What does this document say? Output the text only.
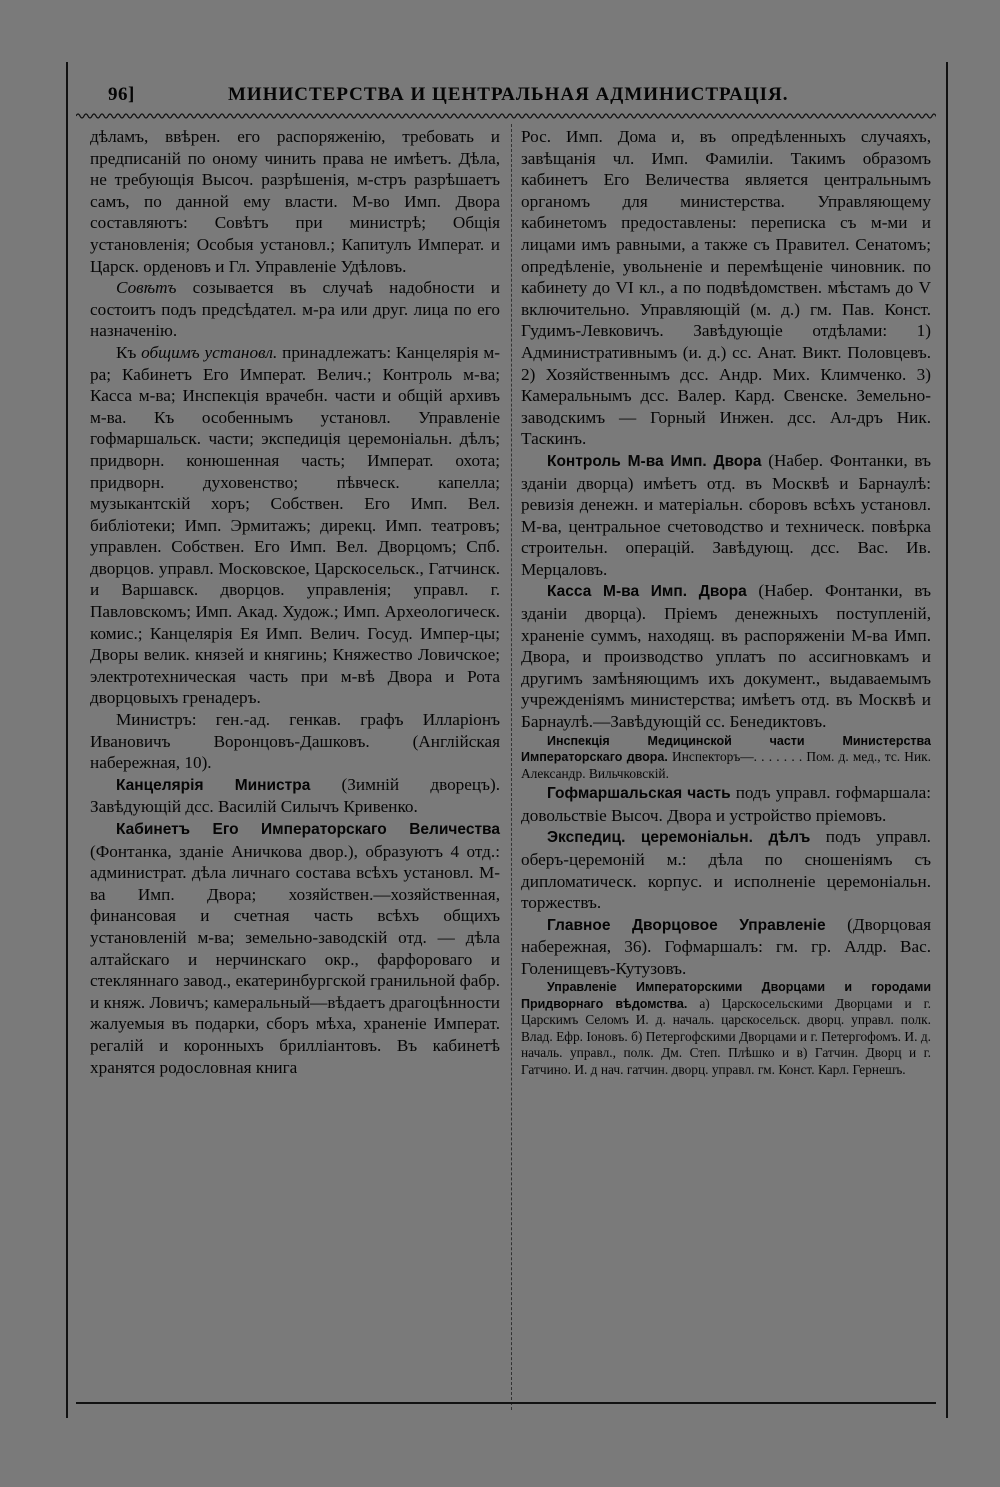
96]	МИНИСТЕРСТВА И ЦЕНТРАЛЬНАЯ АДМИНИСТРАЦІЯ.

дѣламъ, ввѣрен. его распоряженію, требовать и предписаній по оному чинить права не имѣетъ. Дѣла, не требующія Высоч. разрѣшенія, м-стръ разрѣшаетъ самъ, по данной ему власти. М-во Имп. Двора составляютъ: Совѣтъ при министрѣ; Общія установленія; Особыя установл.; Капитулъ Императ. и Царск. орденовъ и Гл. Управленіе Удѣловъ.

Совѣтъ созывается въ случаѣ надобности и состоитъ подъ предсѣдател. м-ра или друг. лица по его назначенію.

Къ общимъ установл. принадлежатъ: Канцелярія м-ра; Кабинетъ Его Императ. Велич.; Контроль м-ва; Касса м-ва; Инспекція врачебн. части и общій архивъ м-ва. Къ особеннымъ установл. Управленіе гофмаршальск. части; экспедиція церемоніальн. дѣлъ; придворн. конюшенная часть; Императ. охота; придворн. духовенство; пѣвческ. капелла; музыкантскій хоръ; Собствен. Его Имп. Вел. библіотеки; Имп. Эрмитажъ; дирекц. Имп. театровъ; управлен. Собствен. Его Имп. Вел. Дворцомъ; Спб. дворцов. управл. Московское, Царскосельск., Гатчинск. и Варшавск. дворцов. управленія; управл. г. Павловскомъ; Имп. Акад. Худож.; Имп. Археологическ. комис.; Канцелярія Ея Имп. Велич. Госуд. Импер-цы; Дворы велик. князей и княгинь; Княжество Ловичское; электротехническая часть при м-вѣ Двора и Рота дворцовыхъ гренадеръ.

Министръ: ген.-ад. генкав. графъ Илларіонъ Ивановичъ Воронцовъ-Дашковъ. (Англійская набережная, 10).

Канцелярія Министра (Зимній дворецъ). Завѣдующій дсс. Василій Силычъ Кривенко.

Кабинетъ Его Императорскаго Величества (Фонтанка, зданіе Аничкова двор.), образуютъ 4 отд.: администрат. дѣла личнаго состава всѣхъ установл. М-ва Имп. Двора; хозяйствен.—хозяйственная, финансовая и счетная часть всѣхъ общихъ установленій м-ва; земельно-заводскій отд. — дѣла алтайскаго и нерчинскаго окр., фарфороваго и стекляннаго завод., екатеринбургской гранильной фабр. и княж. Ловичъ; камеральный—вѣдаетъ драгоцѣнности жалуемыя въ подарки, сборъ мѣха, храненіе Императ. регалій и коронныхъ бриллiантовъ. Въ кабинетѣ хранятся родословная книга

Рос. Имп. Дома и, въ опредѣленныхъ случаяхъ, завѣщанія чл. Имп. Фамиліи. Такимъ образомъ кабинетъ Его Величества является центральнымъ органомъ для министерства. Управляющему кабинетомъ предоставлены: переписка съ м-ми и лицами имъ равными, а также съ Правител. Сенатомъ; опредѣленіе, увольненіе и перемѣщеніе чиновник. по кабинету до VI кл., а по подвѣдомствен. мѣстамъ до V включительно. Управляющій (м. д.) гм. Пав. Конст. Гудимъ-Левковичъ. Завѣдующіе отдѣлами: 1) Административнымъ (и. д.) сс. Анат. Викт. Половцевъ. 2) Хозяйственнымъ дсс. Андр. Мих. Климченко. 3) Камеральнымъ дсс. Валер. Кард. Свенске. Земельно-заводскимъ — Горный Инжен. дсс. Ал-дръ Ник. Таскинъ.

Контроль М-ва Имп. Двора (Набер. Фонтанки, въ зданіи дворца) имѣетъ отд. въ Москвѣ и Барнаулѣ: ревизія денежн. и матеріальн. сборовъ всѣхъ установл. М-ва, центральное счетоводство и техническ. повѣрка строительн. операцій. Завѣдующ. дсс. Вас. Ив. Мерцаловъ.

Касса М-ва Имп. Двора (Набер. Фонтанки, въ зданіи дворца). Пріемъ денежныхъ поступленій, храненіе суммъ, находящ. въ распоряженіи М-ва Имп. Двора, и производство уплатъ по ассигновкамъ и другимъ замѣняющимъ ихъ документ., выдаваемымъ учрежденіямъ министерства; имѣетъ отд. въ Москвѣ и Барнаулѣ.—Завѣдующій сс. Бенедиктовъ.

Инспекція Медицинской части Министерства Императорскаго двора. Инспекторъ—. . . . . . . Пом. д. мед., тс. Ник. Александр. Вильчковскій.

Гофмаршальская часть подъ управл. гофмаршала: довольствіе Высоч. Двора и устройство пріемовъ.

Экспедиц. церемоніальн. дѣлъ подъ управл. оберъ-церемоній м.: дѣла по сношеніямъ съ дипломатическ. корпус. и исполненіе церемоніальн. торжествъ.

Главное Дворцовое Управленіе (Дворцовая набережная, 36). Гофмаршалъ: гм. гр. Алдр. Вас. Голенищевъ-Кутузовъ.

Управленіе Императорскими Дворцами и городами Придворнаго вѣдомства. а) Царскосельскими Дворцами и г. Царскимъ Селомъ И. д. началь. царскосельск. дворц. управл. полк. Влад. Ефр. Іоновъ. б) Петергофскими Дворцами и г. Петергофомъ. И. д. началь. управл., полк. Дм. Степ. Плѣшко и в) Гатчин. Дворц и г. Гатчино. И. д нач. гатчин. дворц. управл. гм. Конст. Карл. Гернешъ.
